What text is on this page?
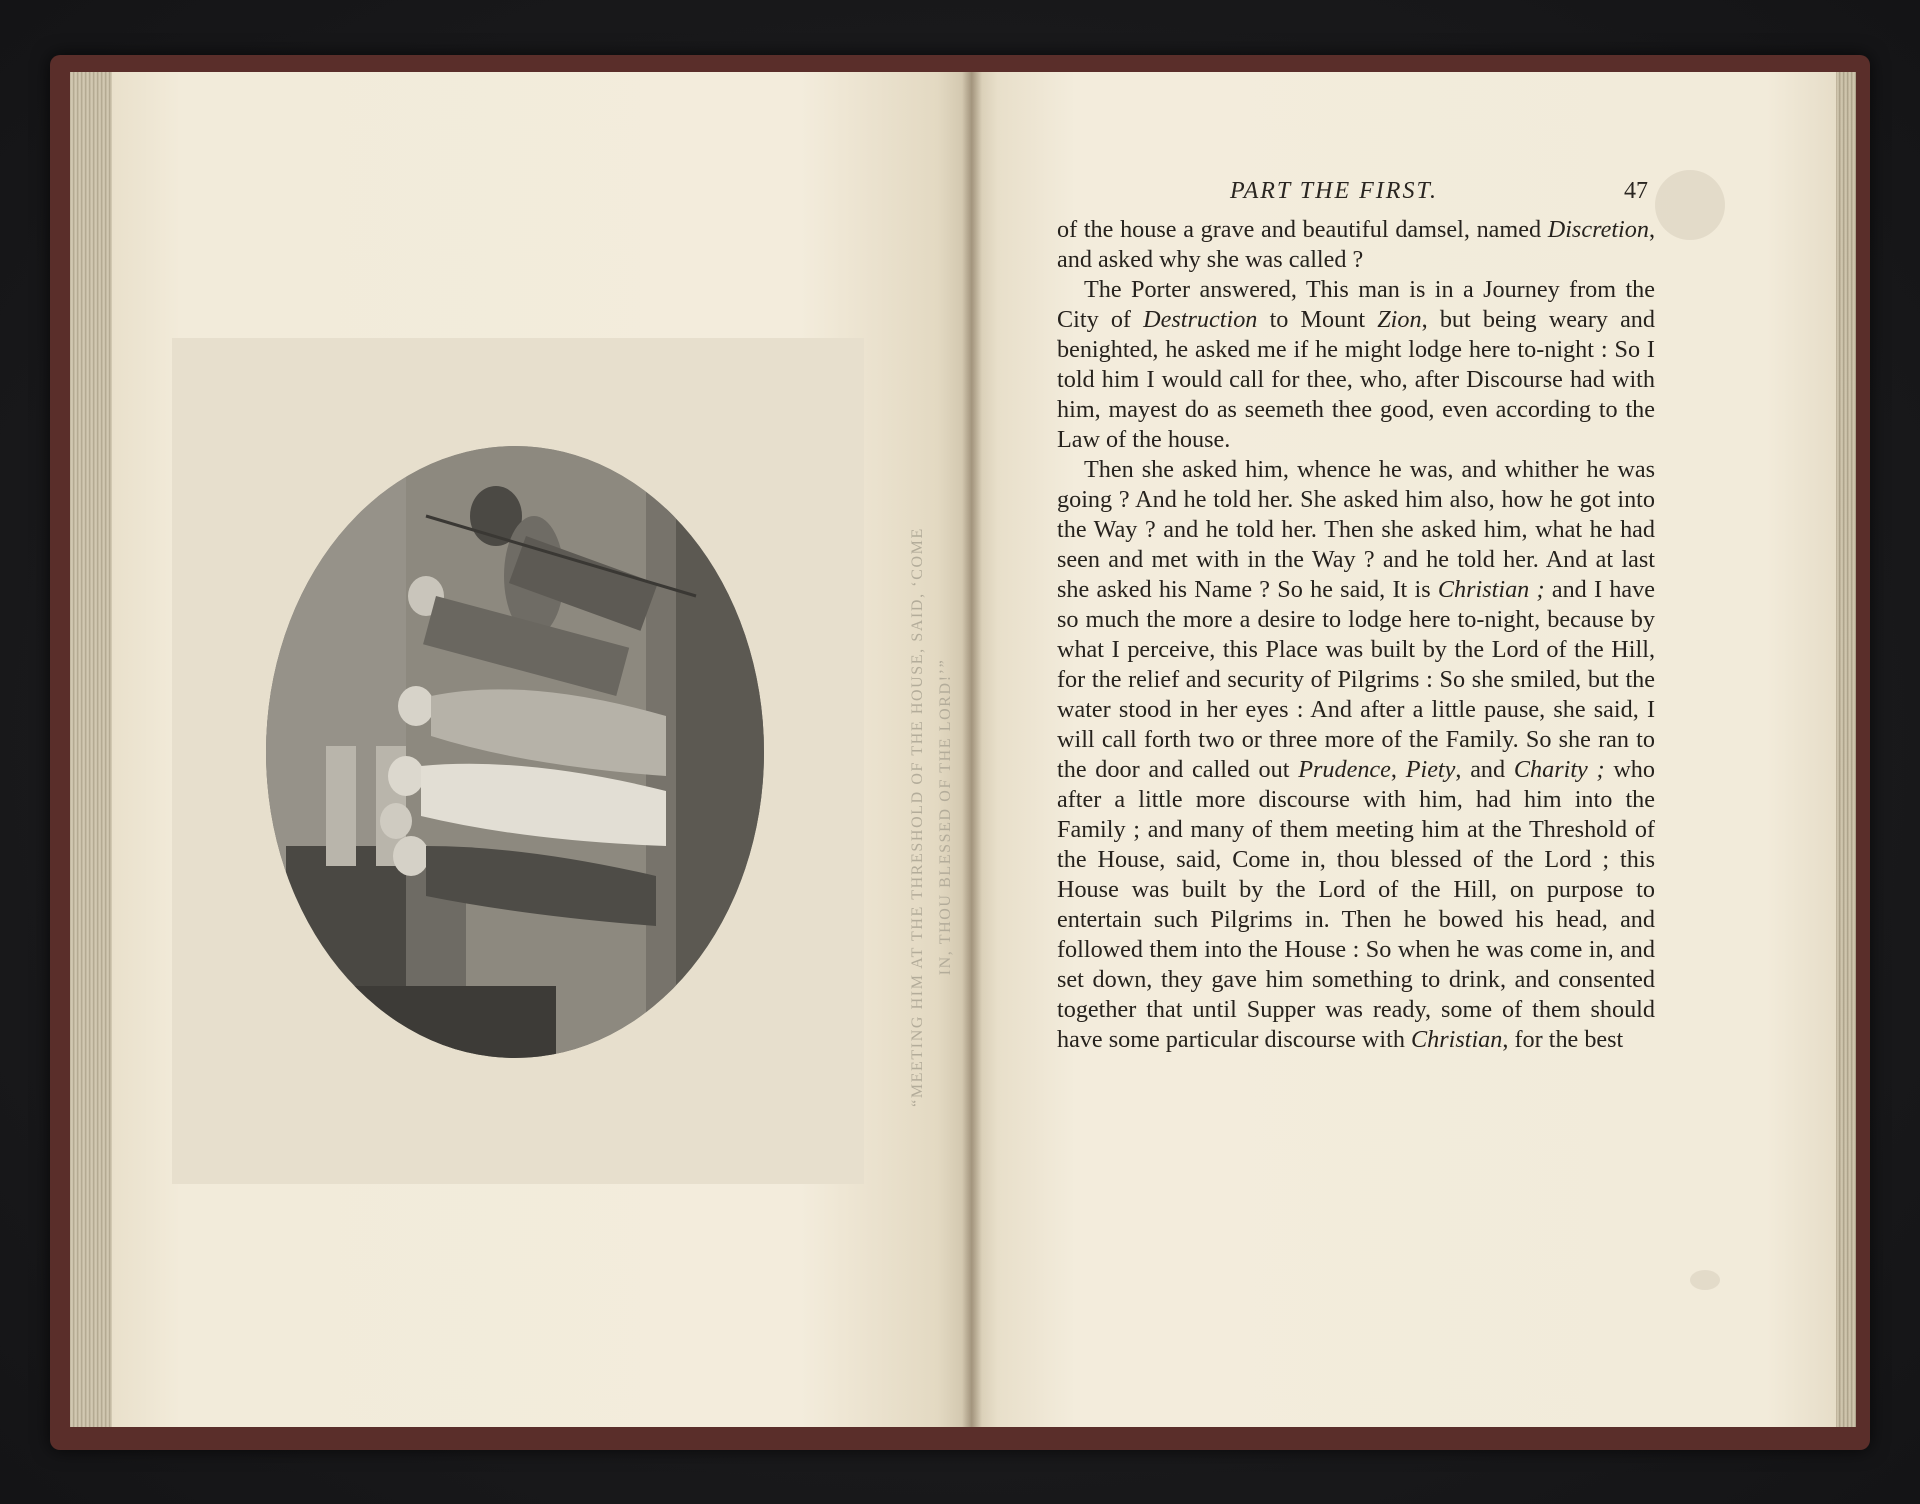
“MEETING HIM AT THE THRESHOLD OF THE HOUSE, SAID, ‘COME IN, THOU BLESSED OF THE LORD!’”
PART THE FIRST.	47

of the house a grave and beautiful damsel, named Discretion, and asked why she was called ?

The Porter answered, This man is in a Journey from the City of Destruction to Mount Zion, but being weary and benighted, he asked me if he might lodge here to-night : So I told him I would call for thee, who, after Discourse had with him, mayest do as seemeth thee good, even according to the Law of the house.

Then she asked him, whence he was, and whither he was going ? And he told her. She asked him also, how he got into the Way ? and he told her. Then she asked him, what he had seen and met with in the Way ? and he told her. And at last she asked his Name ? So he said, It is Christian ; and I have so much the more a desire to lodge here to-night, because by what I perceive, this Place was built by the Lord of the Hill, for the relief and security of Pilgrims : So she smiled, but the water stood in her eyes : And after a little pause, she said, I will call forth two or three more of the Family. So she ran to the door and called out Prudence, Piety, and Charity ; who after a little more discourse with him, had him into the Family ; and many of them meeting him at the Threshold of the House, said, Come in, thou blessed of the Lord ; this House was built by the Lord of the Hill, on purpose to entertain such Pilgrims in. Then he bowed his head, and followed them into the House : So when he was come in, and set down, they gave him something to drink, and consented together that until Supper was ready, some of them should have some particular discourse with Christian, for the best
